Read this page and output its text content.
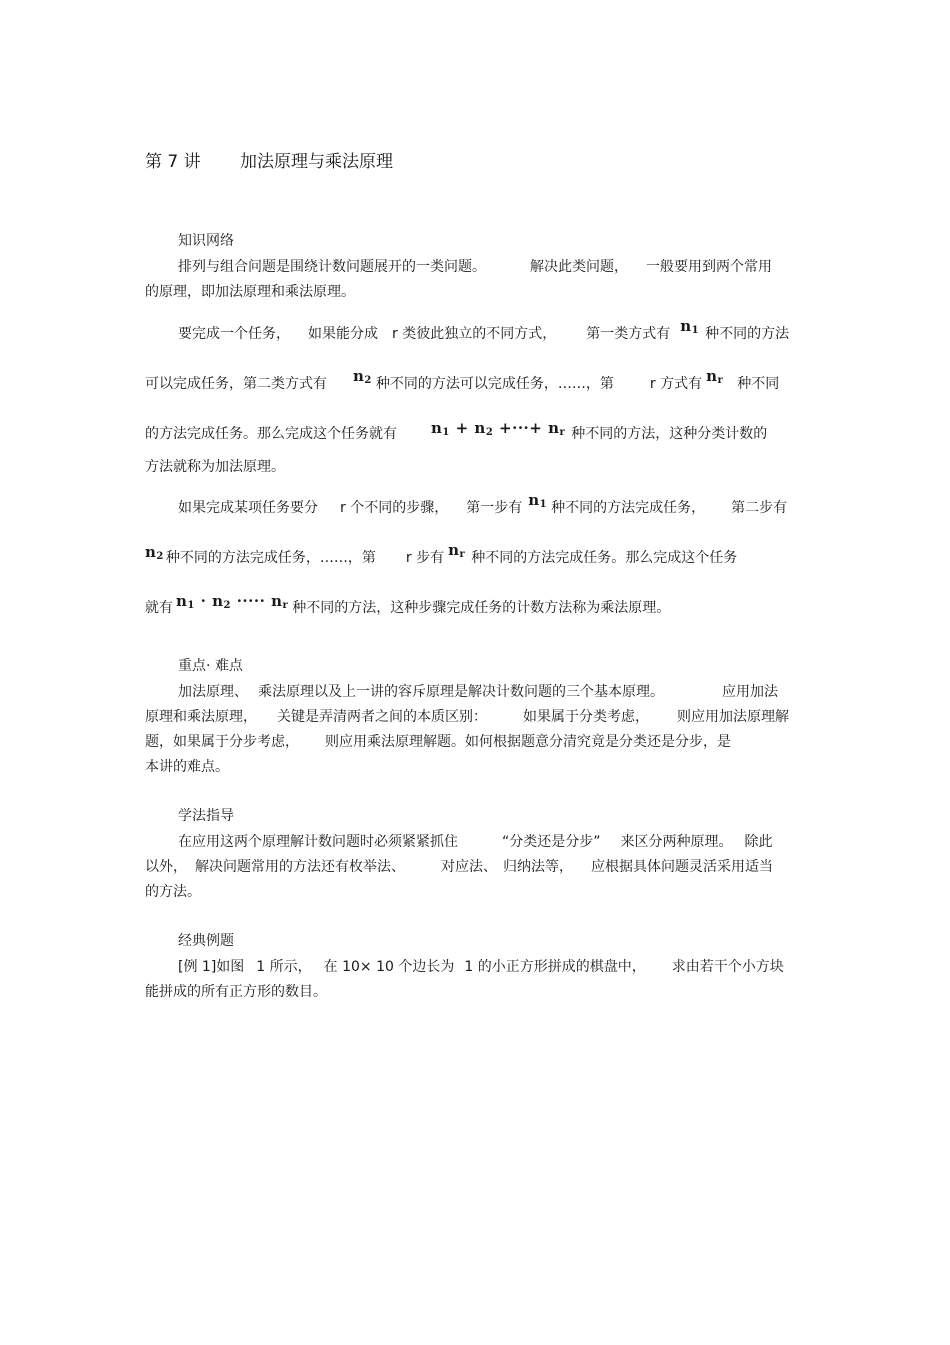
第 7 讲 加法原理与乘法原理
知识网络
排列与组合问题是围绕计数问题展开的一类问题。	解决此类问题， 一般要用到两个常用
的原理，即加法原理和乘法原理。
要完成一个任务， 如果能分成 r 类彼此独立的不同方式， 第一类方式有 n1 种不同的方法
可以完成任务，第二类方式有 n2 种不同的方法可以完成任务，……，第	r 方式有 nr 种不同
的方法完成任务。那么完成这个任务就有 n1 + n2 +···+ nr 种不同的方法，这种分类计数的
方法就称为加法原理。
如果完成某项任务要分 r 个不同的步骤， 第一步有 n1 种不同的方法完成任务， 第二步有
n2 种不同的方法完成任务，……，第 r 步有 nr 种不同的方法完成任务。那么完成这个任务
就有 n1 · n2 ····· nr 种不同的方法，这种步骤完成任务的计数方法称为乘法原理。
重点· 难点
加法原理、 乘法原理以及上一讲的容斥原理是解决计数问题的三个基本原理。	应用加法
原理和乘法原理， 关键是弄清两者之间的本质区别：	如果属于分类考虑， 则应用加法原理解
题，如果属于分步考虑， 则应用乘法原理解题。如何根据题意分清究竟是分类还是分步，是
本讲的难点。
学法指导
在应用这两个原理解计数问题时必须紧紧抓住	“分类还是分步” 来区分两种原理。 除此
以外， 解决问题常用的方法还有枚举法、	对应法、 归纳法等， 应根据具体问题灵活采用适当
的方法。
经典例题
[例 1]如图 1 所示， 在 10× 10 个边长为 1 的小正方形拼成的棋盘中， 求由若干个小方块
能拼成的所有正方形的数目。
